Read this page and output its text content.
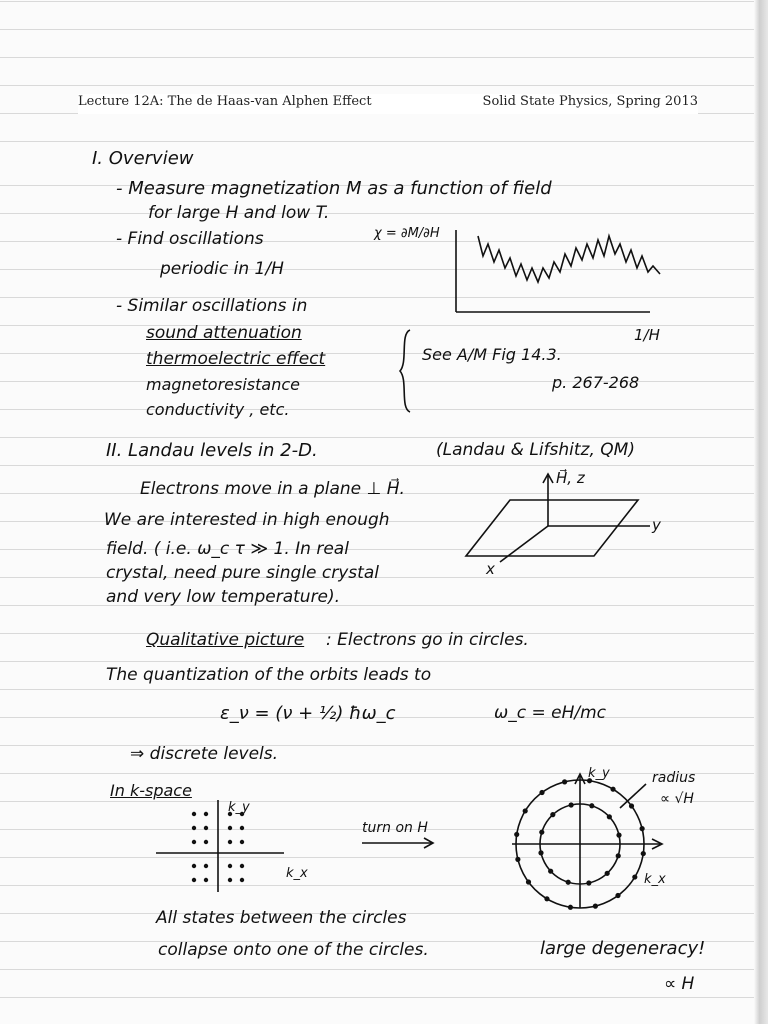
Lecture 12A: The de Haas-van Alphen Effect	Solid State Physics, Spring 2013
I. Overview
- Measure magnetization M as a function of field
for large H and low T.
- Find oscillations
periodic in 1/H
- Similar oscillations in
sound attenuation
thermoelectric effect
magnetoresistance
conductivity , etc.
χ = ∂M/∂H
1/H
See A/M Fig 14.3.
p. 267-268
II. Landau levels in 2-D.	(Landau & Lifshitz, QM)
Electrons move in a plane ⊥ H⃗.
We are interested in high enough
field. ( i.e. ω_c τ ≫ 1. In real
crystal, need pure single crystal
and very low temperature).
H⃗, z
y
x
Qualitative picture : Electrons go in circles.
The quantization of the orbits leads to
ε_ν = (ν + ½) ħω_c	ω_c = eH/mc
⇒ discrete levels.
In k-space
k_y
k_x
turn on H
k_y
k_x
radius
∝ √H
All states between the circles
collapse onto one of the circles.	large degeneracy!
∝ H
